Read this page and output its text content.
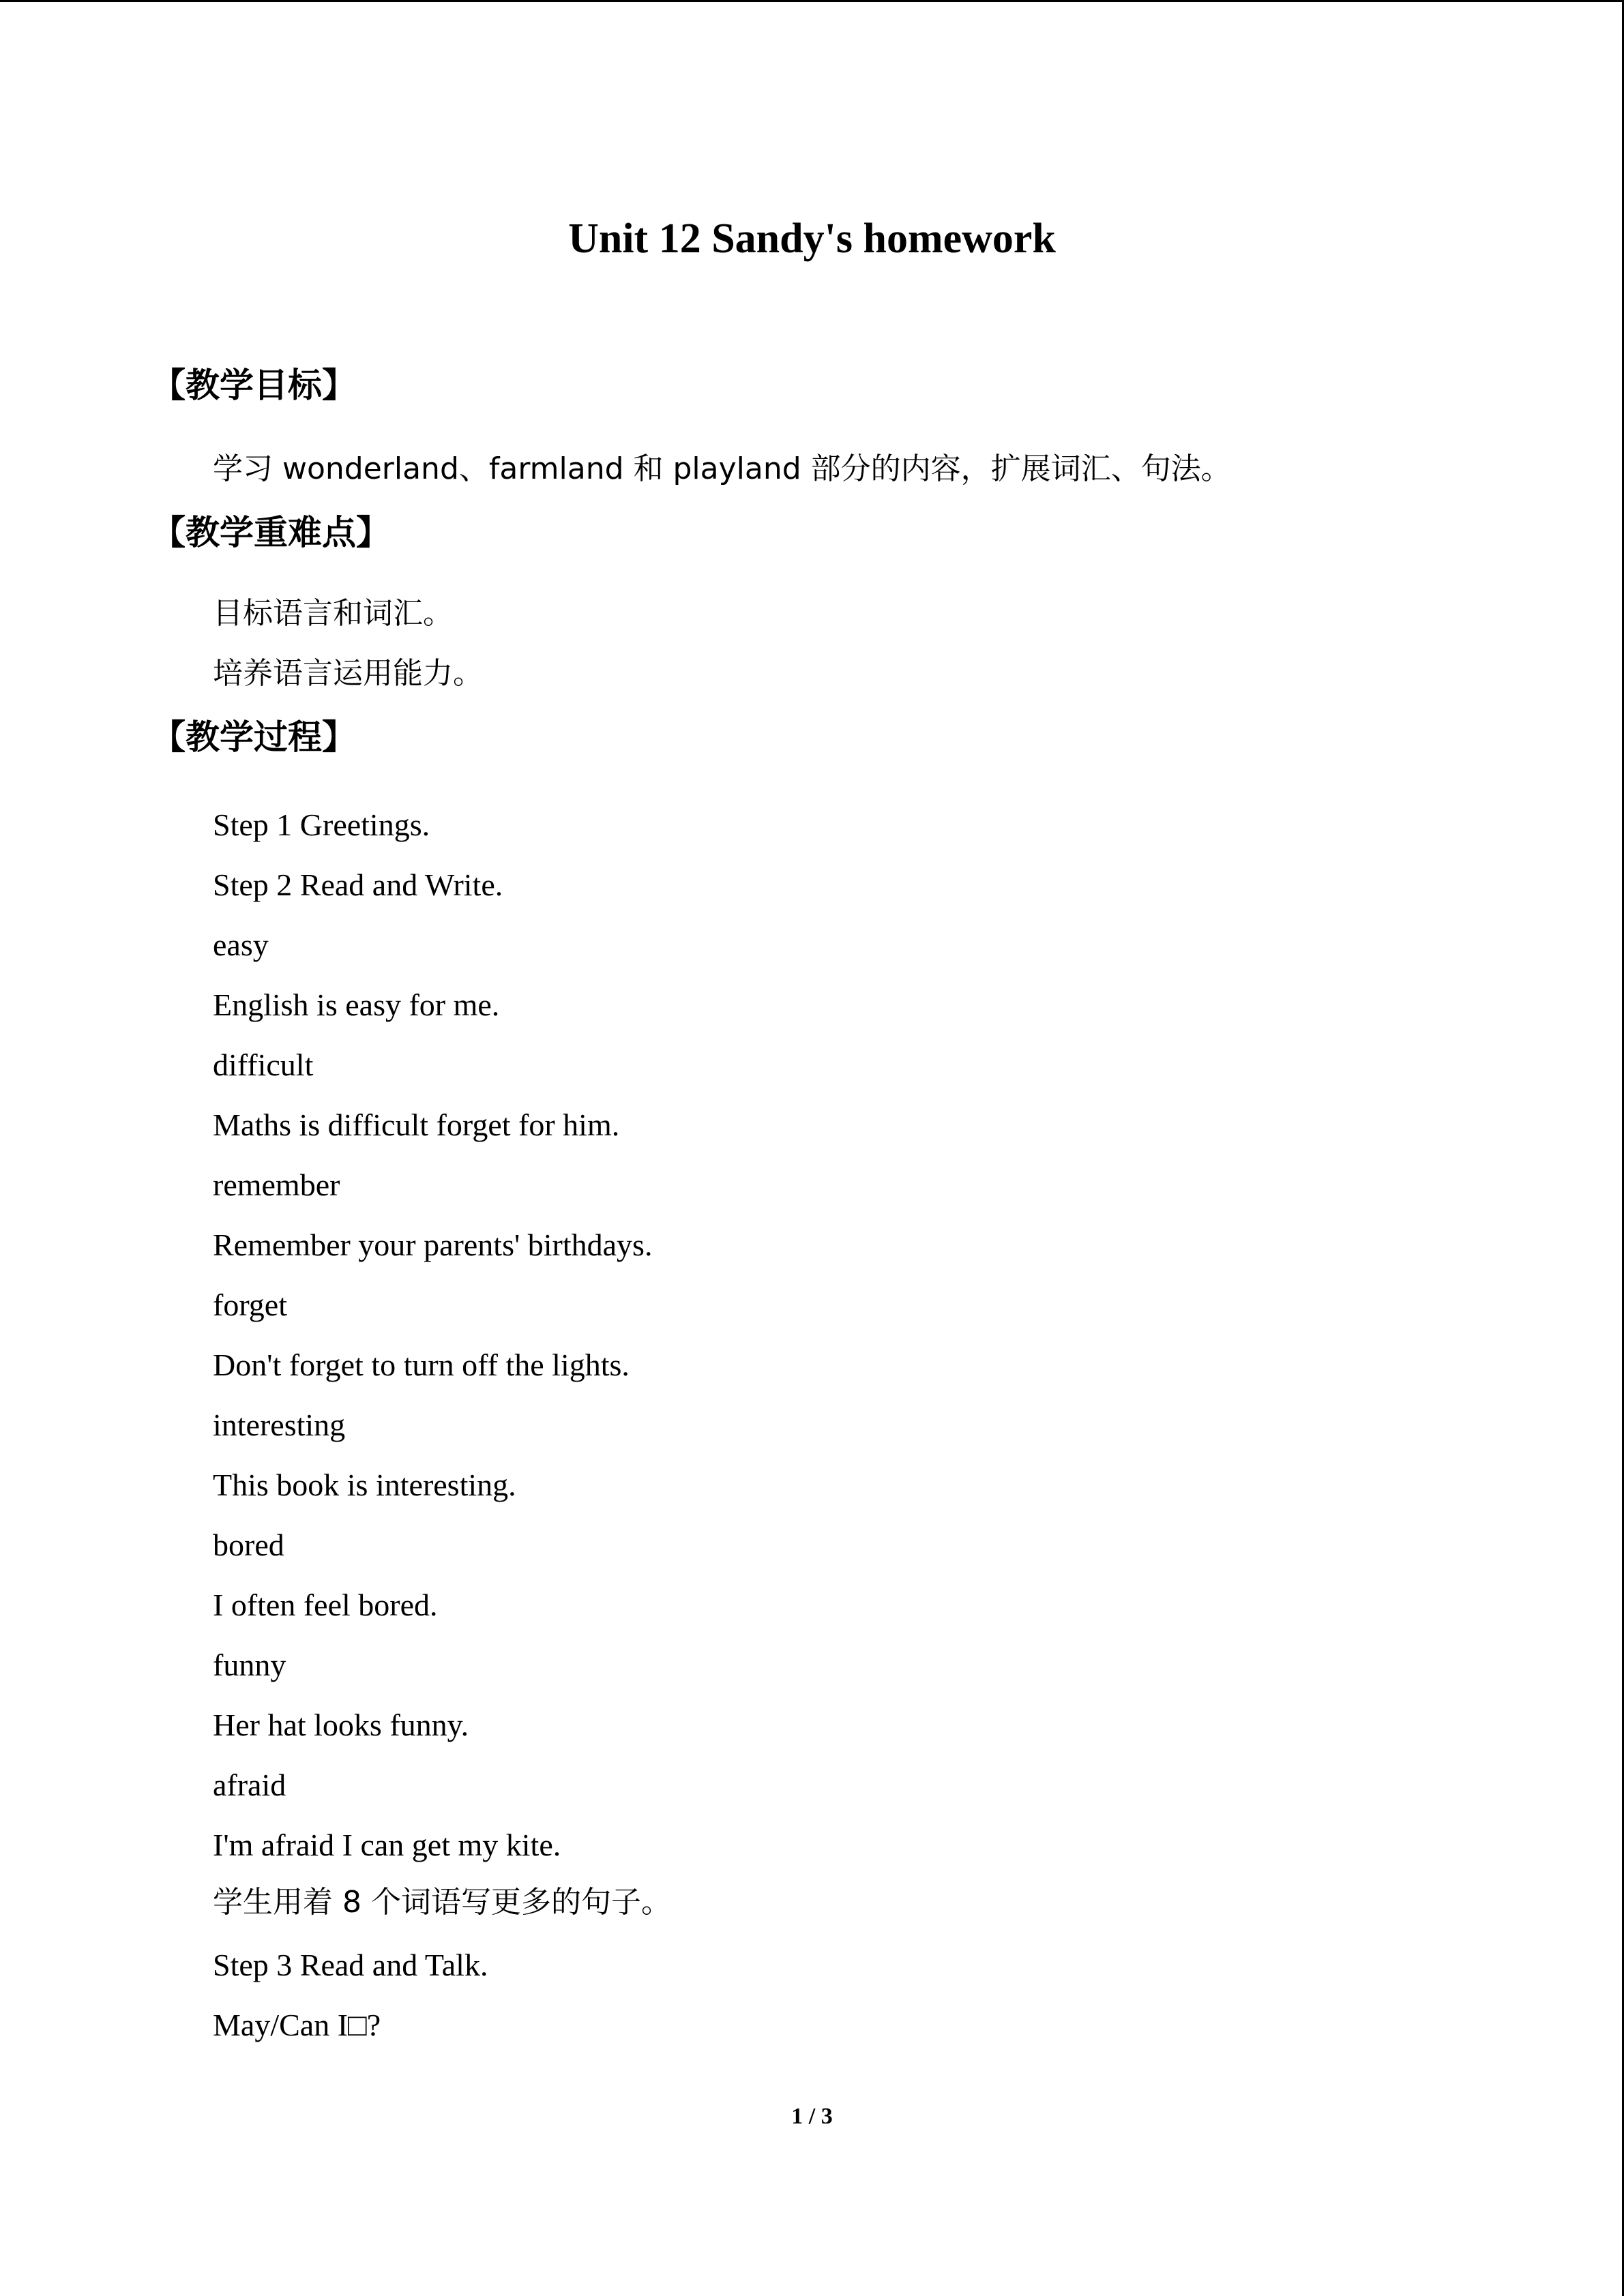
Unit 12 Sandy's homework
【教学目标】
学习 wonderland、farmland 和 playland 部分的内容，扩展词汇、句法。
【教学重难点】
目标语言和词汇。
培养语言运用能力。
【教学过程】
Step 1 Greetings.
Step 2 Read and Write.
easy
English is easy for me.
difficult
Maths is difficult forget for him.
remember
Remember your parents' birthdays.
forget
Don't forget to turn off the lights.
interesting
This book is interesting.
bored
I often feel bored.
funny
Her hat looks funny.
afraid
I'm afraid I can get my kite.
学生用着 8 个词语写更多的句子。
Step 3 Read and Talk.
May/Can I□?
1 / 3
